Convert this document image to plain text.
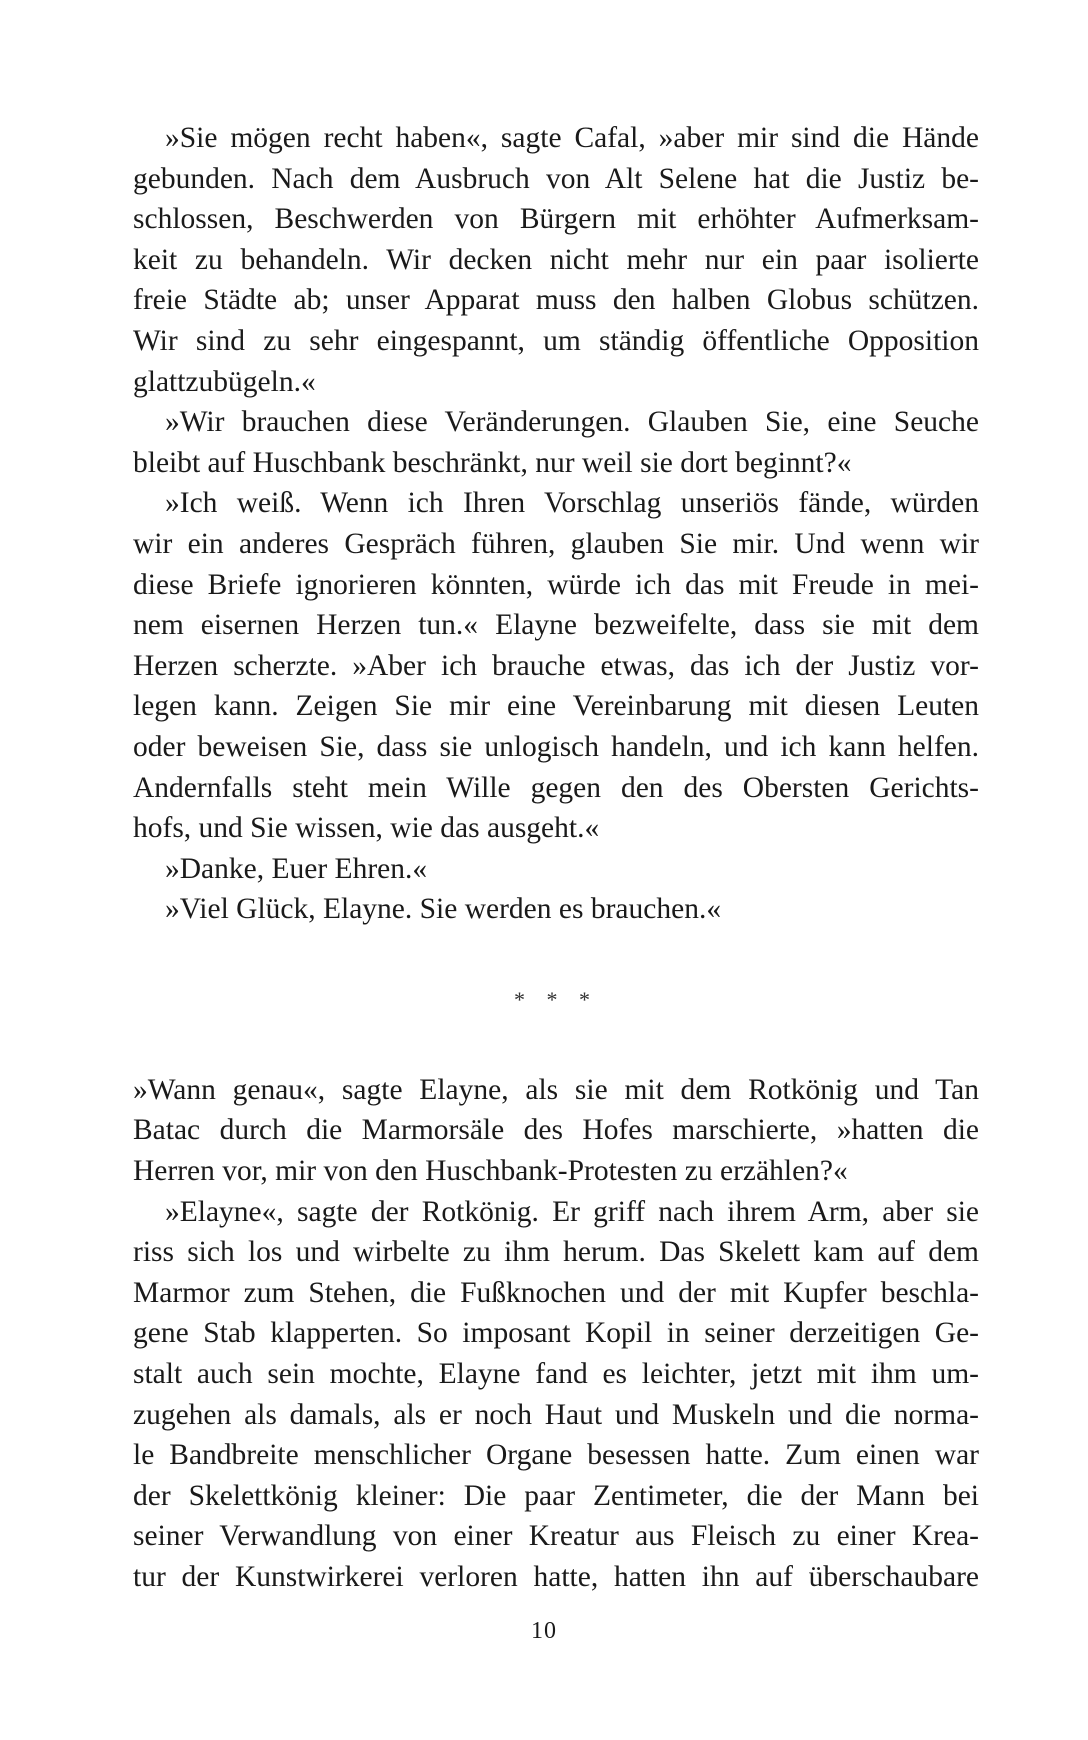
»Sie mögen recht haben«, sagte Cafal, »aber mir sind die Hände
gebunden. Nach dem Ausbruch von Alt Selene hat die Justiz be-
schlossen, Beschwerden von Bürgern mit erhöhter Aufmerksam-
keit zu behandeln. Wir decken nicht mehr nur ein paar isolierte
freie Städte ab; unser Apparat muss den halben Globus schützen.
Wir sind zu sehr eingespannt, um ständig öffentliche Opposition
glattzubügeln.«

»Wir brauchen diese Veränderungen. Glauben Sie, eine Seuche
bleibt auf Huschbank beschränkt, nur weil sie dort beginnt?«

»Ich weiß. Wenn ich Ihren Vorschlag unseriös fände, würden
wir ein anderes Gespräch führen, glauben Sie mir. Und wenn wir
diese Briefe ignorieren könnten, würde ich das mit Freude in mei-
nem eisernen Herzen tun.« Elayne bezweifelte, dass sie mit dem
Herzen scherzte. »Aber ich brauche etwas, das ich der Justiz vor-
legen kann. Zeigen Sie mir eine Vereinbarung mit diesen Leuten
oder beweisen Sie, dass sie unlogisch handeln, und ich kann helfen.
Andernfalls steht mein Wille gegen den des Obersten Gerichts-
hofs, und Sie wissen, wie das ausgeht.«

»Danke, Euer Ehren.«

»Viel Glück, Elayne. Sie werden es brauchen.«

* * *

»Wann genau«, sagte Elayne, als sie mit dem Rotkönig und Tan
Batac durch die Marmorsäle des Hofes marschierte, »hatten die
Herren vor, mir von den Huschbank-Protesten zu erzählen?«

»Elayne«, sagte der Rotkönig. Er griff nach ihrem Arm, aber sie
riss sich los und wirbelte zu ihm herum. Das Skelett kam auf dem
Marmor zum Stehen, die Fußknochen und der mit Kupfer beschla-
gene Stab klapperten. So imposant Kopil in seiner derzeitigen Ge-
stalt auch sein mochte, Elayne fand es leichter, jetzt mit ihm um-
zugehen als damals, als er noch Haut und Muskeln und die norma-
le Bandbreite menschlicher Organe besessen hatte. Zum einen war
der Skelettkönig kleiner: Die paar Zentimeter, die der Mann bei
seiner Verwandlung von einer Kreatur aus Fleisch zu einer Krea-
tur der Kunstwirkerei verloren hatte, hatten ihn auf überschaubare

10
